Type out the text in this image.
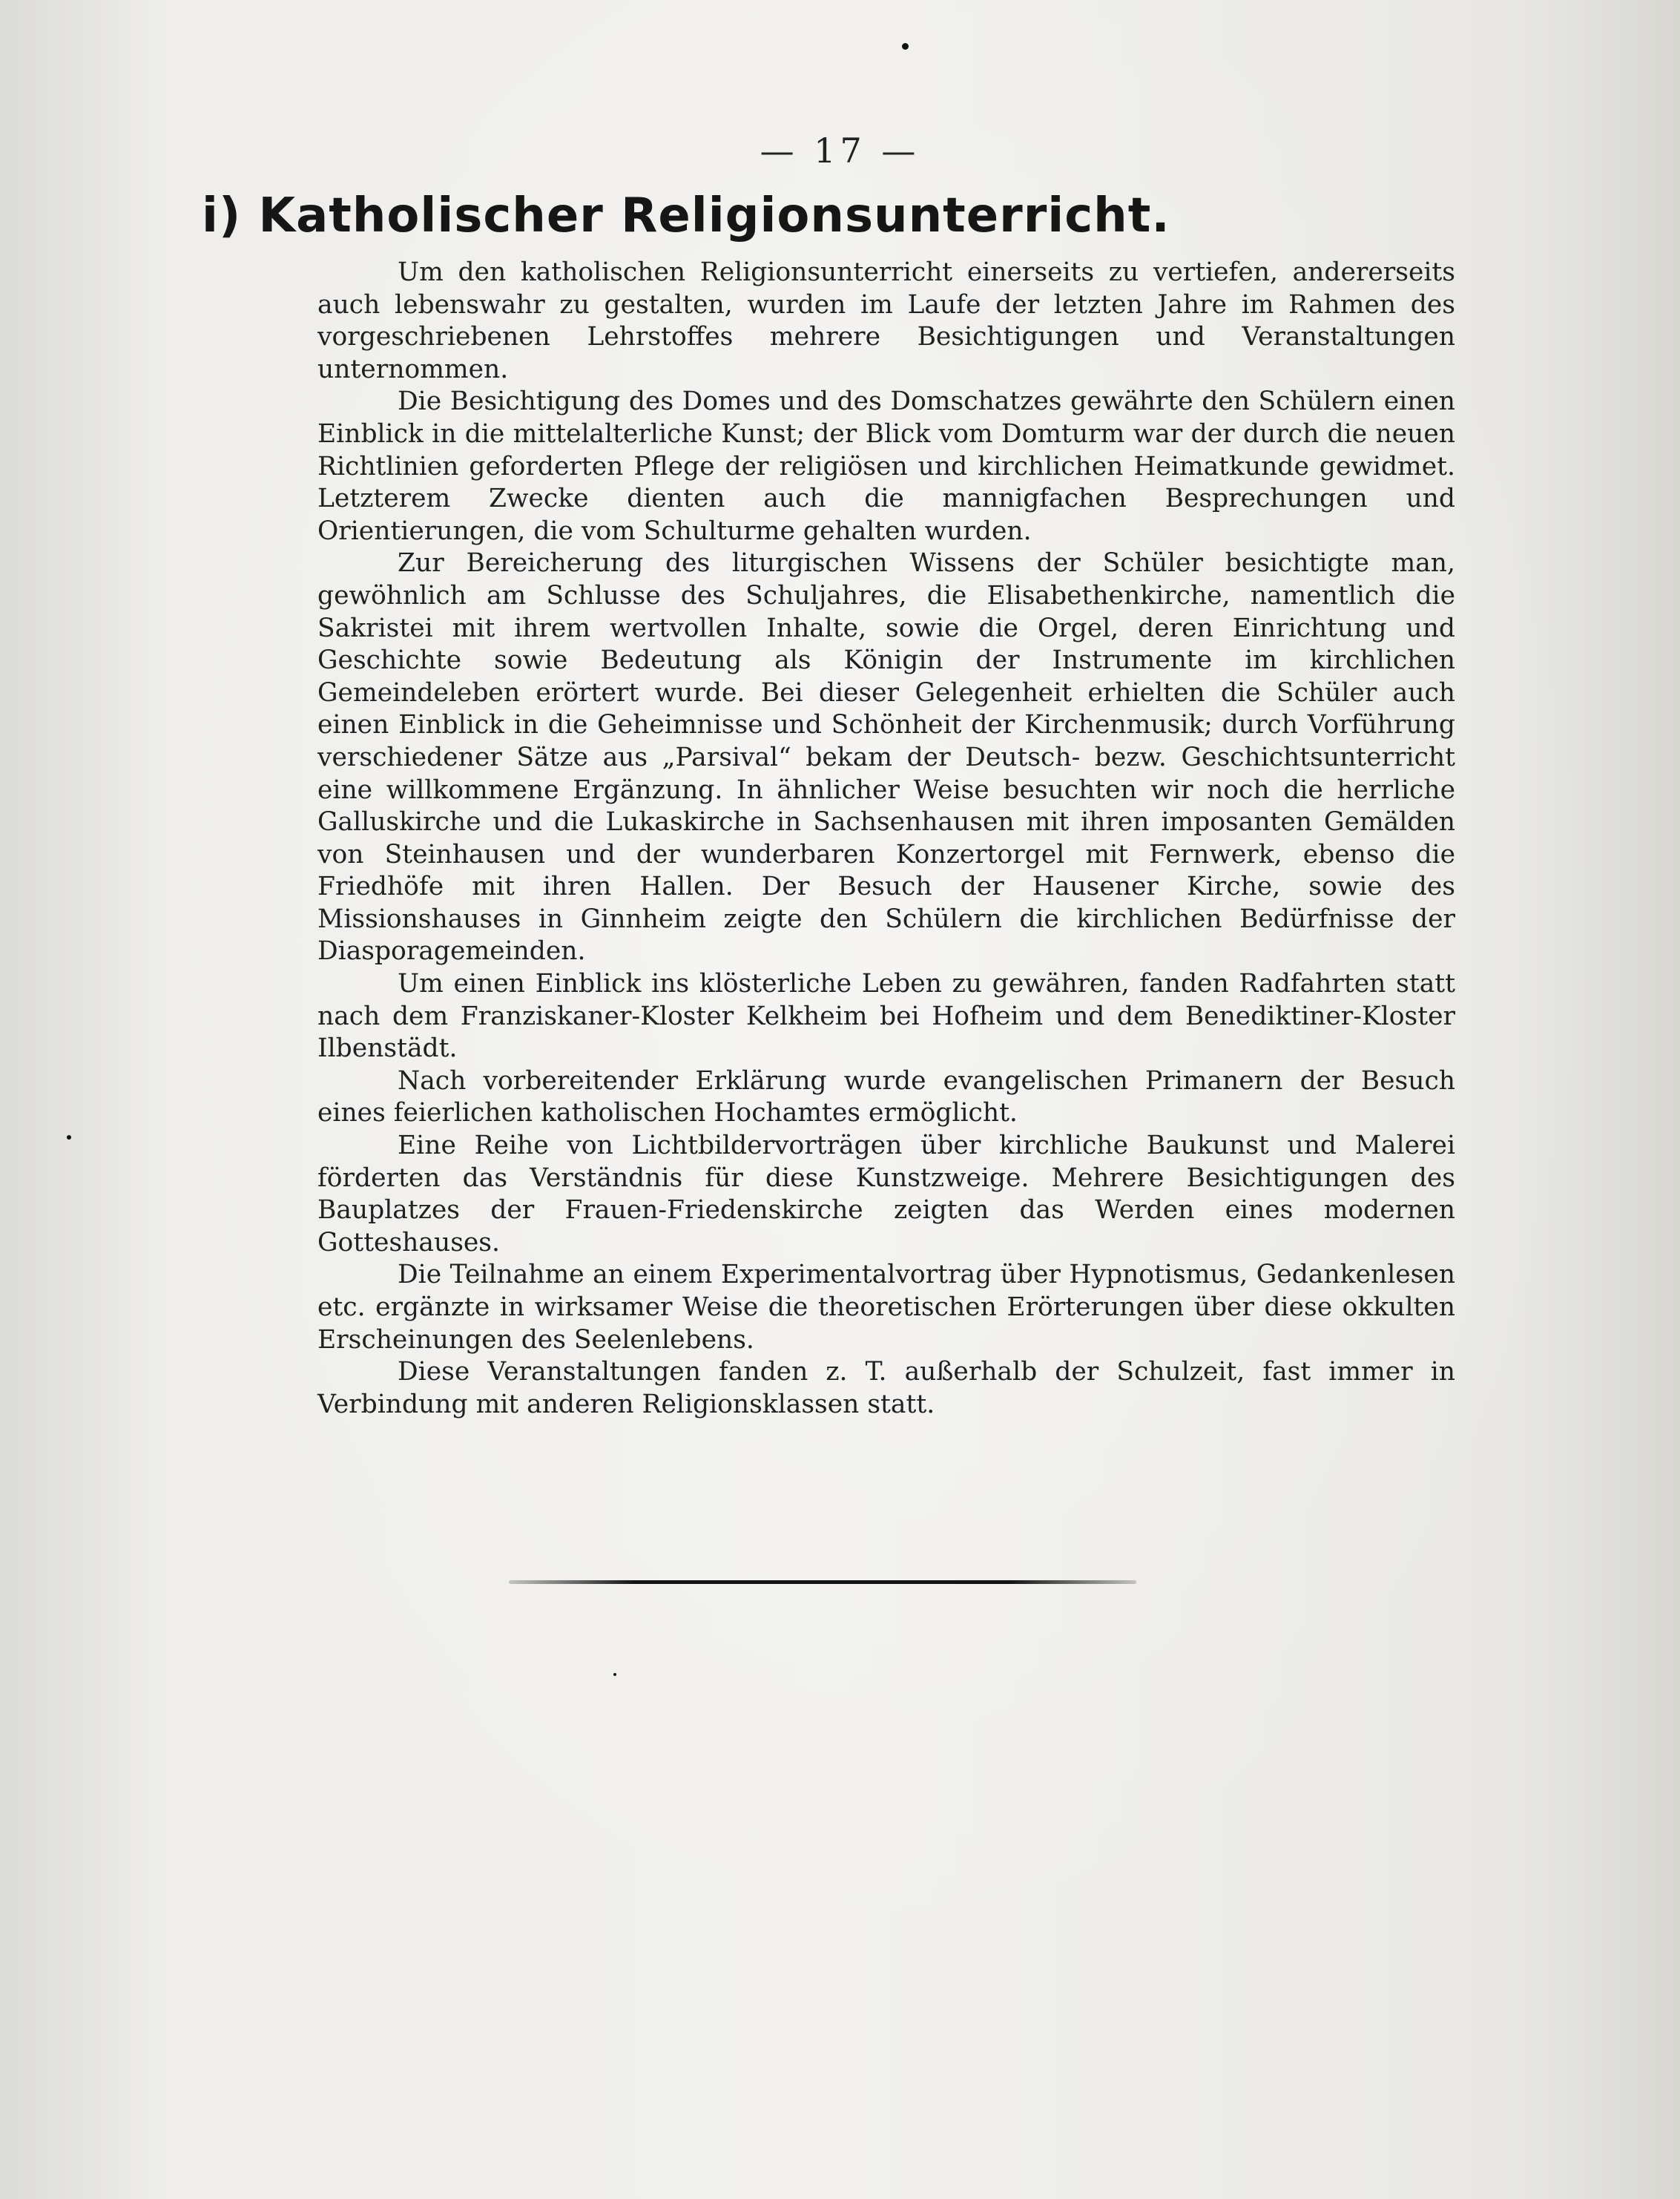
— 17 —
i) Katholischer Religionsunterricht.

Um den katholischen Religionsunterricht einerseits zu vertiefen, andererseits auch lebenswahr zu gestalten, wurden im Laufe der letzten Jahre im Rahmen des vorgeschriebenen Lehrstoffes mehrere Besichtigungen und Veranstaltungen unternommen.

Die Besichtigung des Domes und des Domschatzes gewährte den Schülern einen Einblick in die mittelalterliche Kunst; der Blick vom Domturm war der durch die neuen Richtlinien geforderten Pflege der religiösen und kirchlichen Heimatkunde gewidmet. Letzterem Zwecke dienten auch die mannigfachen Besprechungen und Orientierungen, die vom Schulturme gehalten wurden.

Zur Bereicherung des liturgischen Wissens der Schüler besichtigte man, gewöhnlich am Schlusse des Schuljahres, die Elisabethenkirche, namentlich die Sakristei mit ihrem wertvollen Inhalte, sowie die Orgel, deren Einrichtung und Geschichte sowie Bedeutung als Königin der Instrumente im kirchlichen Gemeindeleben erörtert wurde. Bei dieser Gelegenheit erhielten die Schüler auch einen Einblick in die Geheimnisse und Schönheit der Kirchenmusik; durch Vorführung verschiedener Sätze aus „Parsival“ bekam der Deutsch- bezw. Geschichtsunterricht eine willkommene Ergänzung. In ähnlicher Weise besuchten wir noch die herrliche Galluskirche und die Lukaskirche in Sachsenhausen mit ihren imposanten Gemälden von Steinhausen und der wunderbaren Konzertorgel mit Fernwerk, ebenso die Friedhöfe mit ihren Hallen. Der Besuch der Hausener Kirche, sowie des Missionshauses in Ginnheim zeigte den Schülern die kirchlichen Bedürfnisse der Diasporagemeinden.

Um einen Einblick ins klösterliche Leben zu gewähren, fanden Radfahrten statt nach dem Franziskaner-Kloster Kelkheim bei Hofheim und dem Benediktiner-Kloster Ilbenstädt.

Nach vorbereitender Erklärung wurde evangelischen Primanern der Besuch eines feierlichen katholischen Hochamtes ermöglicht.

Eine Reihe von Lichtbildervorträgen über kirchliche Baukunst und Malerei förderten das Verständnis für diese Kunstzweige. Mehrere Besichtigungen des Bauplatzes der Frauen-Friedenskirche zeigten das Werden eines modernen Gotteshauses.

Die Teilnahme an einem Experimentalvortrag über Hypnotismus, Gedankenlesen etc. ergänzte in wirksamer Weise die theoretischen Erörterungen über diese okkulten Erscheinungen des Seelenlebens.

Diese Veranstaltungen fanden z. T. außerhalb der Schulzeit, fast immer in Verbindung mit anderen Religionsklassen statt.
